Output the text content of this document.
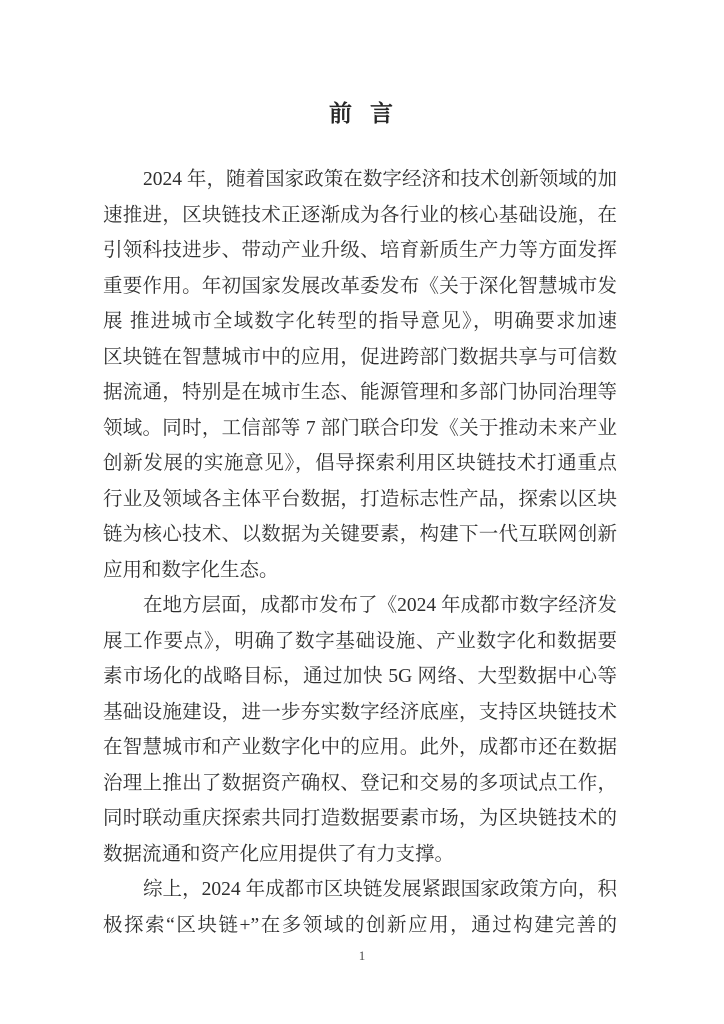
前 言
2024 年，随着国家政策在数字经济和技术创新领域的加
速推进，区块链技术正逐渐成为各行业的核心基础设施，在
引领科技进步、带动产业升级、培育新质生产力等方面发挥
重要作用。年初国家发展改革委发布《关于深化智慧城市发
展 推进城市全域数字化转型的指导意见》，明确要求加速
区块链在智慧城市中的应用，促进跨部门数据共享与可信数
据流通，特别是在城市生态、能源管理和多部门协同治理等
领域。同时，工信部等 7 部门联合印发《关于推动未来产业
创新发展的实施意见》，倡导探索利用区块链技术打通重点
行业及领域各主体平台数据，打造标志性产品，探索以区块
链为核心技术、以数据为关键要素，构建下一代互联网创新
应用和数字化生态。
在地方层面，成都市发布了《2024 年成都市数字经济发
展工作要点》，明确了数字基础设施、产业数字化和数据要
素市场化的战略目标，通过加快 5G 网络、大型数据中心等
基础设施建设，进一步夯实数字经济底座，支持区块链技术
在智慧城市和产业数字化中的应用。此外，成都市还在数据
治理上推出了数据资产确权、登记和交易的多项试点工作，
同时联动重庆探索共同打造数据要素市场，为区块链技术的
数据流通和资产化应用提供了有力支撑。
综上，2024 年成都市区块链发展紧跟国家政策方向，积
极探索“区块链+”在多领域的创新应用，通过构建完善的
1
